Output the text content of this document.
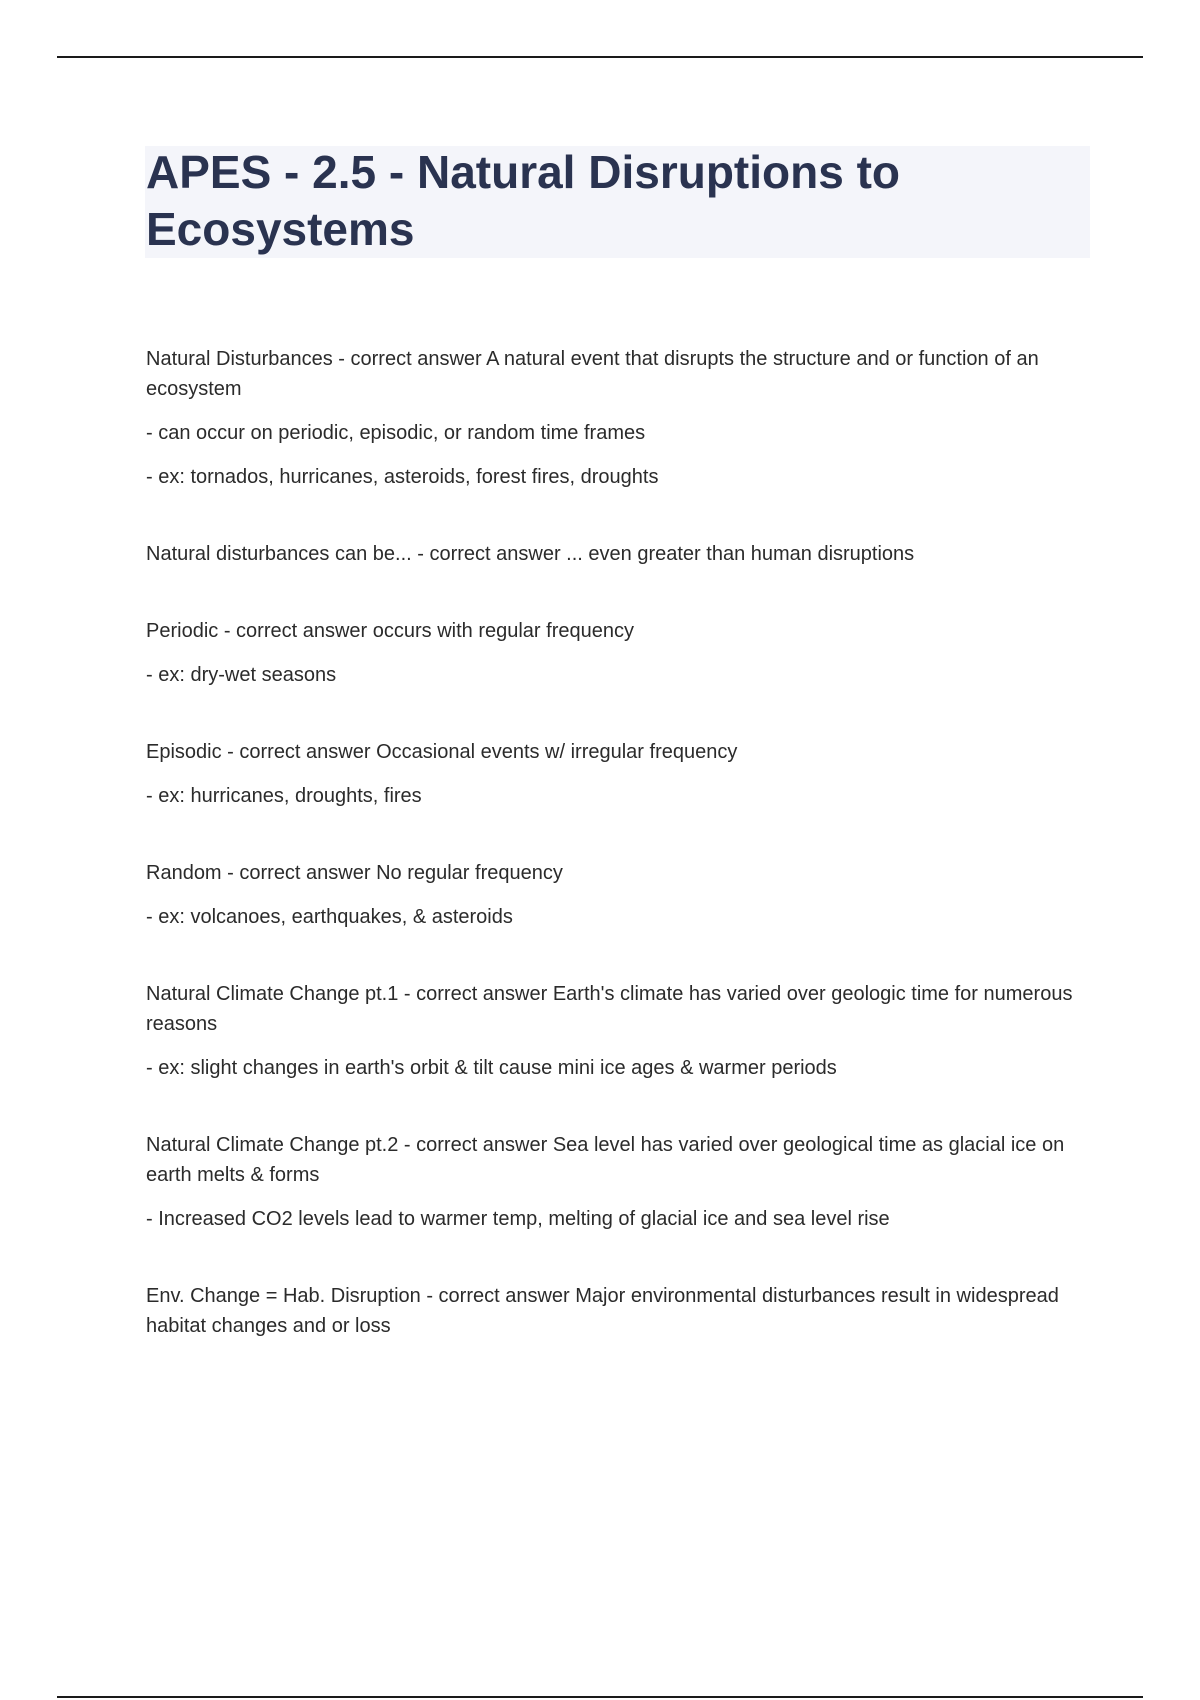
APES - 2.5 - Natural Disruptions to Ecosystems

Natural Disturbances - correct answer A natural event that disrupts the structure and or function of an ecosystem

- can occur on periodic, episodic, or random time frames

- ex: tornados, hurricanes, asteroids, forest fires, droughts

Natural disturbances can be... - correct answer ... even greater than human disruptions

Periodic - correct answer occurs with regular frequency

- ex: dry-wet seasons

Episodic - correct answer Occasional events w/ irregular frequency

- ex: hurricanes, droughts, fires

Random - correct answer No regular frequency

- ex: volcanoes, earthquakes, & asteroids

Natural Climate Change pt.1 - correct answer Earth's climate has varied over geologic time for numerous reasons

- ex: slight changes in earth's orbit & tilt cause mini ice ages & warmer periods

Natural Climate Change pt.2 - correct answer Sea level has varied over geological time as glacial ice on earth melts & forms

- Increased CO2 levels lead to warmer temp, melting of glacial ice and sea level rise

Env. Change = Hab. Disruption - correct answer Major environmental disturbances result in widespread habitat changes and or loss
